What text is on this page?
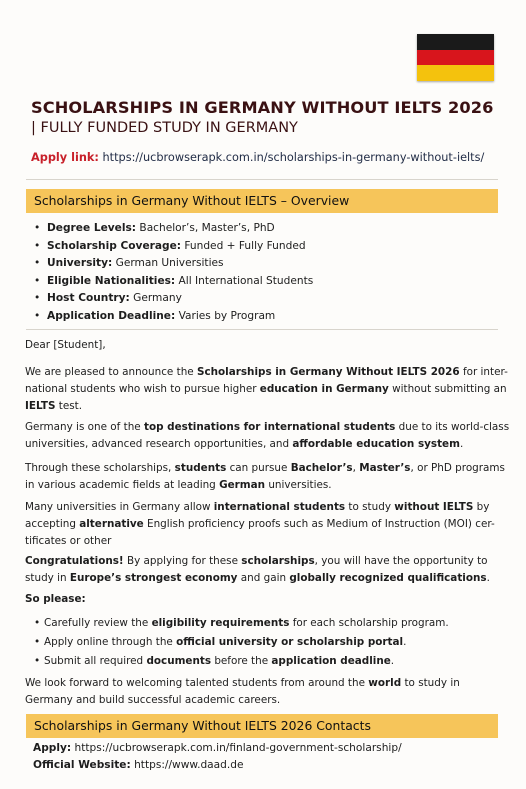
SCHOLARSHIPS IN GERMANY WITHOUT IELTS 2026
| FULLY FUNDED STUDY IN GERMANY
Apply link: https://ucbrowserapk.com.in/scholarships-in-germany-without-ielts/
Scholarships in Germany Without IELTS – Overview
• Degree Levels: Bachelor’s, Master’s, PhD
• Scholarship Coverage: Funded + Fully Funded
• University: German Universities
• Eligible Nationalities: All International Students
• Host Country: Germany
• Application Deadline: Varies by Program
Dear [Student],
We are pleased to announce the Scholarships in Germany Without IELTS 2026 for inter-
national students who wish to pursue higher education in Germany without submitting an
IELTS test.
Germany is one of the top destinations for international students due to its world-class
universities, advanced research opportunities, and affordable education system.
Through these scholarships, students can pursue Bachelor’s, Master’s, or PhD programs
in various academic fields at leading German universities.
Many universities in Germany allow international students to study without IELTS by
accepting alternative English proficiency proofs such as Medium of Instruction (MOI) cer-
tificates or other
Congratulations! By applying for these scholarships, you will have the opportunity to
study in Europe’s strongest economy and gain globally recognized qualifications.
So please:
• Carefully review the eligibility requirements for each scholarship program.
• Apply online through the official university or scholarship portal.
• Submit all required documents before the application deadline.
We look forward to welcoming talented students from around the world to study in
Germany and build successful academic careers.
Scholarships in Germany Without IELTS 2026 Contacts
Apply: https://ucbrowserapk.com.in/finland-government-scholarship/
Official Website: https://www.daad.de
